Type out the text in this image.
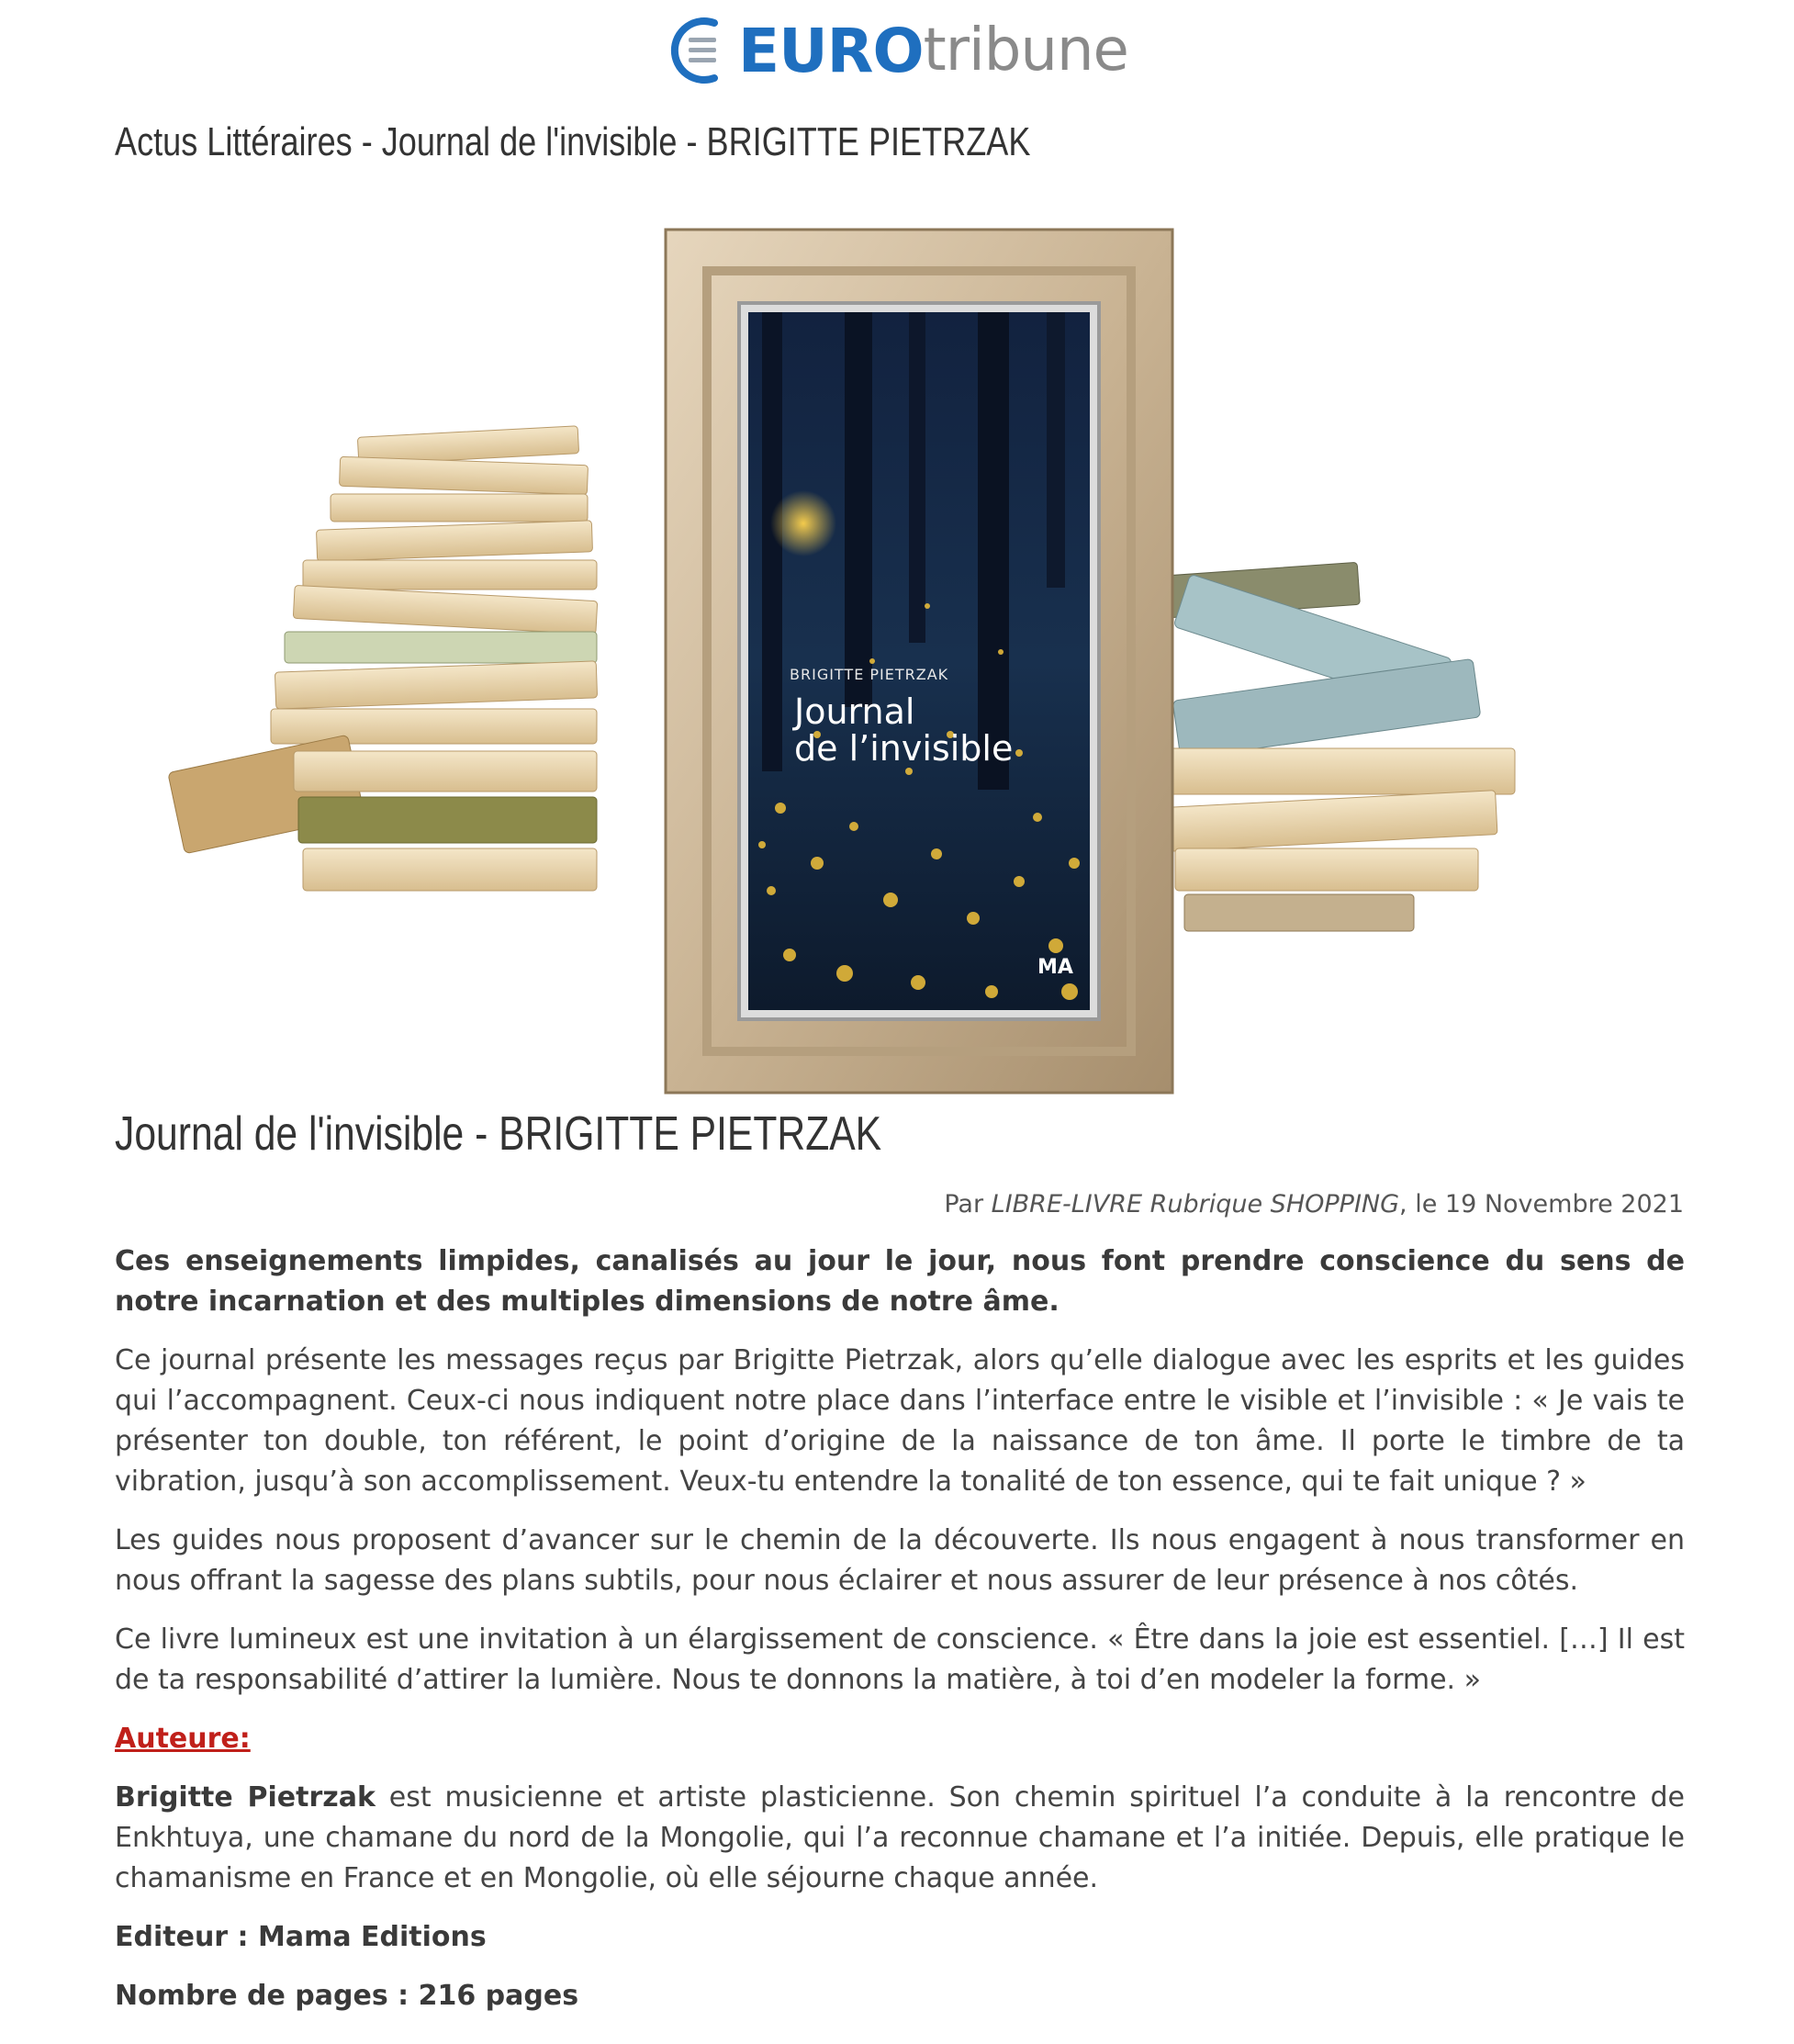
EURO tribune
Actus Littéraires - Journal de l'invisible - BRIGITTE PIETRZAK
BRIGITTE PIETRZAK
Journal
de l’invisible
MA
Journal de l'invisible - BRIGITTE PIETRZAK
Par LIBRE-LIVRE Rubrique SHOPPING, le 19 Novembre 2021

Ces enseignements limpides, canalisés au jour le jour, nous font prendre conscience du sens de notre incarnation et des multiples dimensions de notre âme.

Ce journal présente les messages reçus par Brigitte Pietrzak, alors qu’elle dialogue avec les esprits et les guides qui l’accompagnent. Ceux-ci nous indiquent notre place dans l’interface entre le visible et l’invisible : « Je vais te présenter ton double, ton référent, le point d’origine de la naissance de ton âme. Il porte le timbre de ta vibration, jusqu’à son accomplissement. Veux-tu entendre la tonalité de ton essence, qui te fait unique ? »

Les guides nous proposent d’avancer sur le chemin de la découverte. Ils nous engagent à nous transformer en nous offrant la sagesse des plans subtils, pour nous éclairer et nous assurer de leur présence à nos côtés.

Ce livre lumineux est une invitation à un élargissement de conscience. « Être dans la joie est essentiel. […] Il est de ta responsabilité d’attirer la lumière. Nous te donnons la matière, à toi d’en modeler la forme. »

Auteure:

Brigitte Pietrzak est musicienne et artiste plasticienne. Son chemin spirituel l’a conduite à la rencontre de Enkhtuya, une chamane du nord de la Mongolie, qui l’a reconnue chamane et l’a initiée. Depuis, elle pratique le chamanisme en France et en Mongolie, où elle séjourne chaque année.

Editeur : Mama Editions

Nombre de pages : 216 pages
